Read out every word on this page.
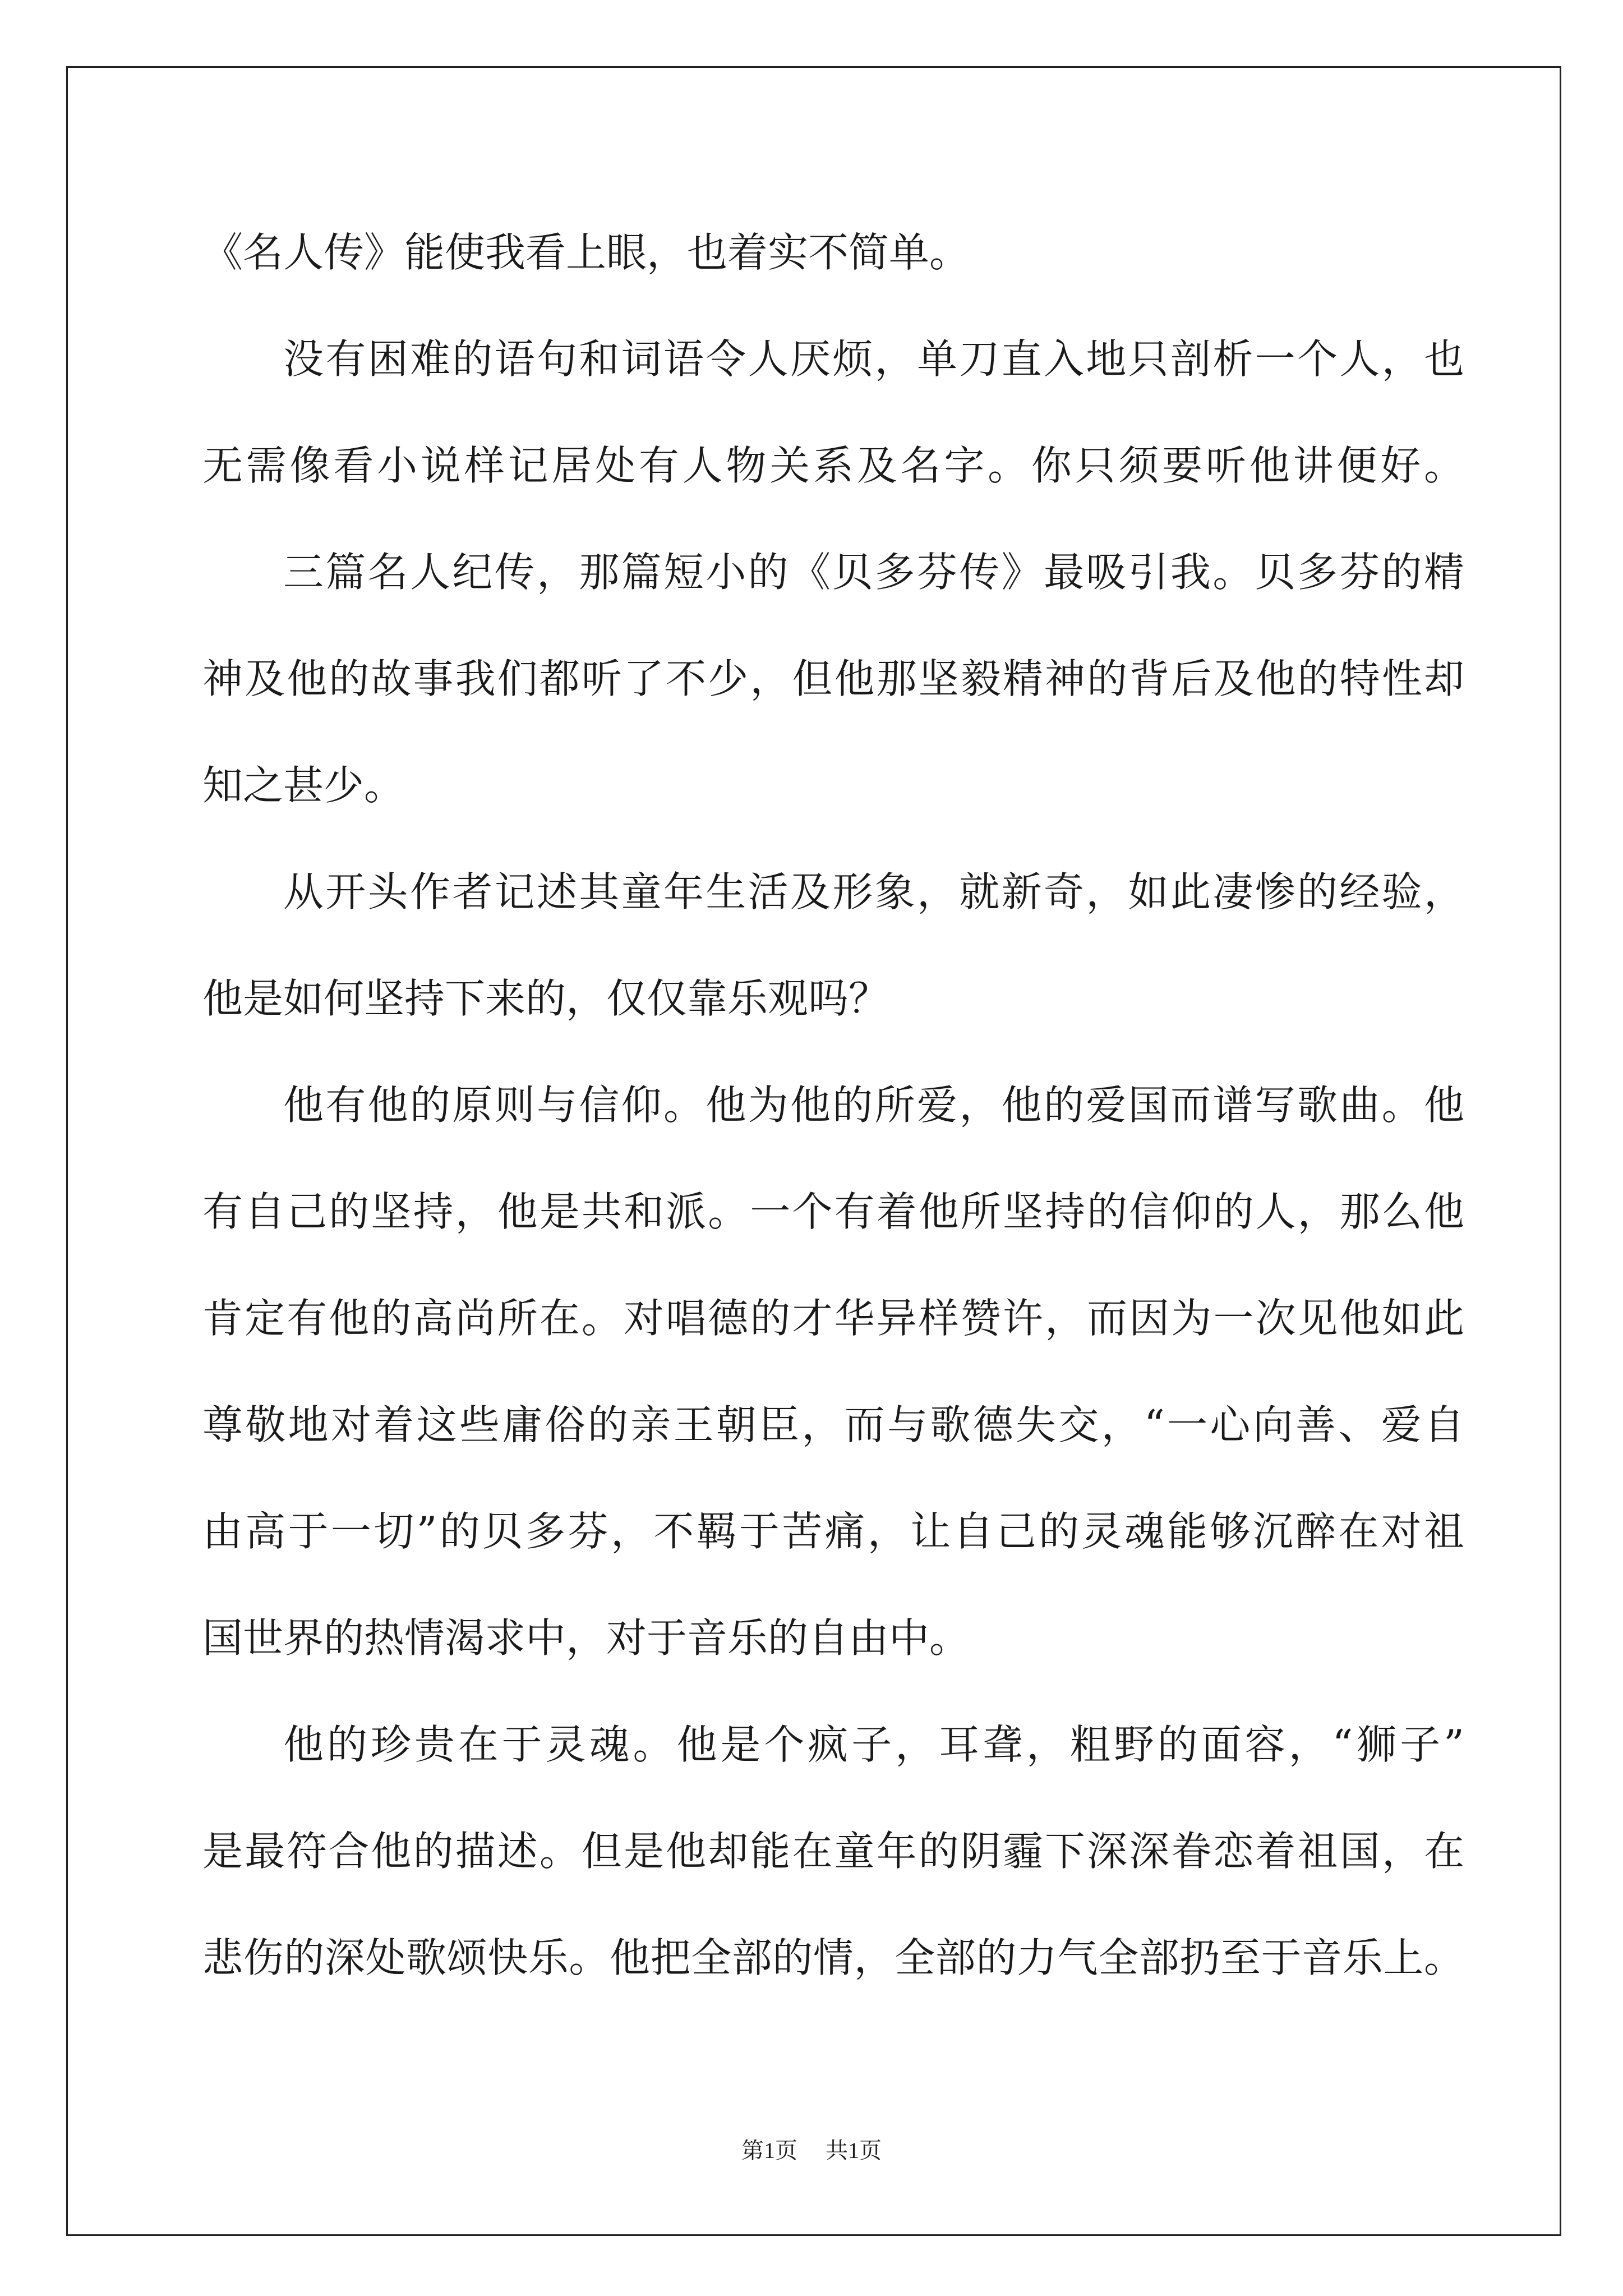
《名人传》能使我看上眼，也着实不简单。
没有困难的语句和词语令人厌烦，单刀直入地只剖析一个人，也
无需像看小说样记居处有人物关系及名字。你只须要听他讲便好。
三篇名人纪传，那篇短小的《贝多芬传》最吸引我。贝多芬的精
神及他的故事我们都听了不少，但他那坚毅精神的背后及他的特性却
知之甚少。
从开头作者记述其童年生活及形象，就新奇，如此凄惨的经验，
他是如何坚持下来的，仅仅靠乐观吗？
他有他的原则与信仰。他为他的所爱，他的爱国而谱写歌曲。他
有自己的坚持，他是共和派。一个有着他所坚持的信仰的人，那么他
肯定有他的高尚所在。对唱德的才华异样赞许，而因为一次见他如此
尊敬地对着这些庸俗的亲王朝臣，而与歌德失交，“一心向善、爱自
由高于一切”的贝多芬，不羁于苦痛，让自己的灵魂能够沉醉在对祖
国世界的热情渴求中，对于音乐的自由中。
他的珍贵在于灵魂。他是个疯子，耳聋，粗野的面容，“狮子”
是最符合他的描述。但是他却能在童年的阴霾下深深眷恋着祖国，在
悲伤的深处歌颂快乐。他把全部的情，全部的力气全部扔至于音乐上。
第1页 共1页
